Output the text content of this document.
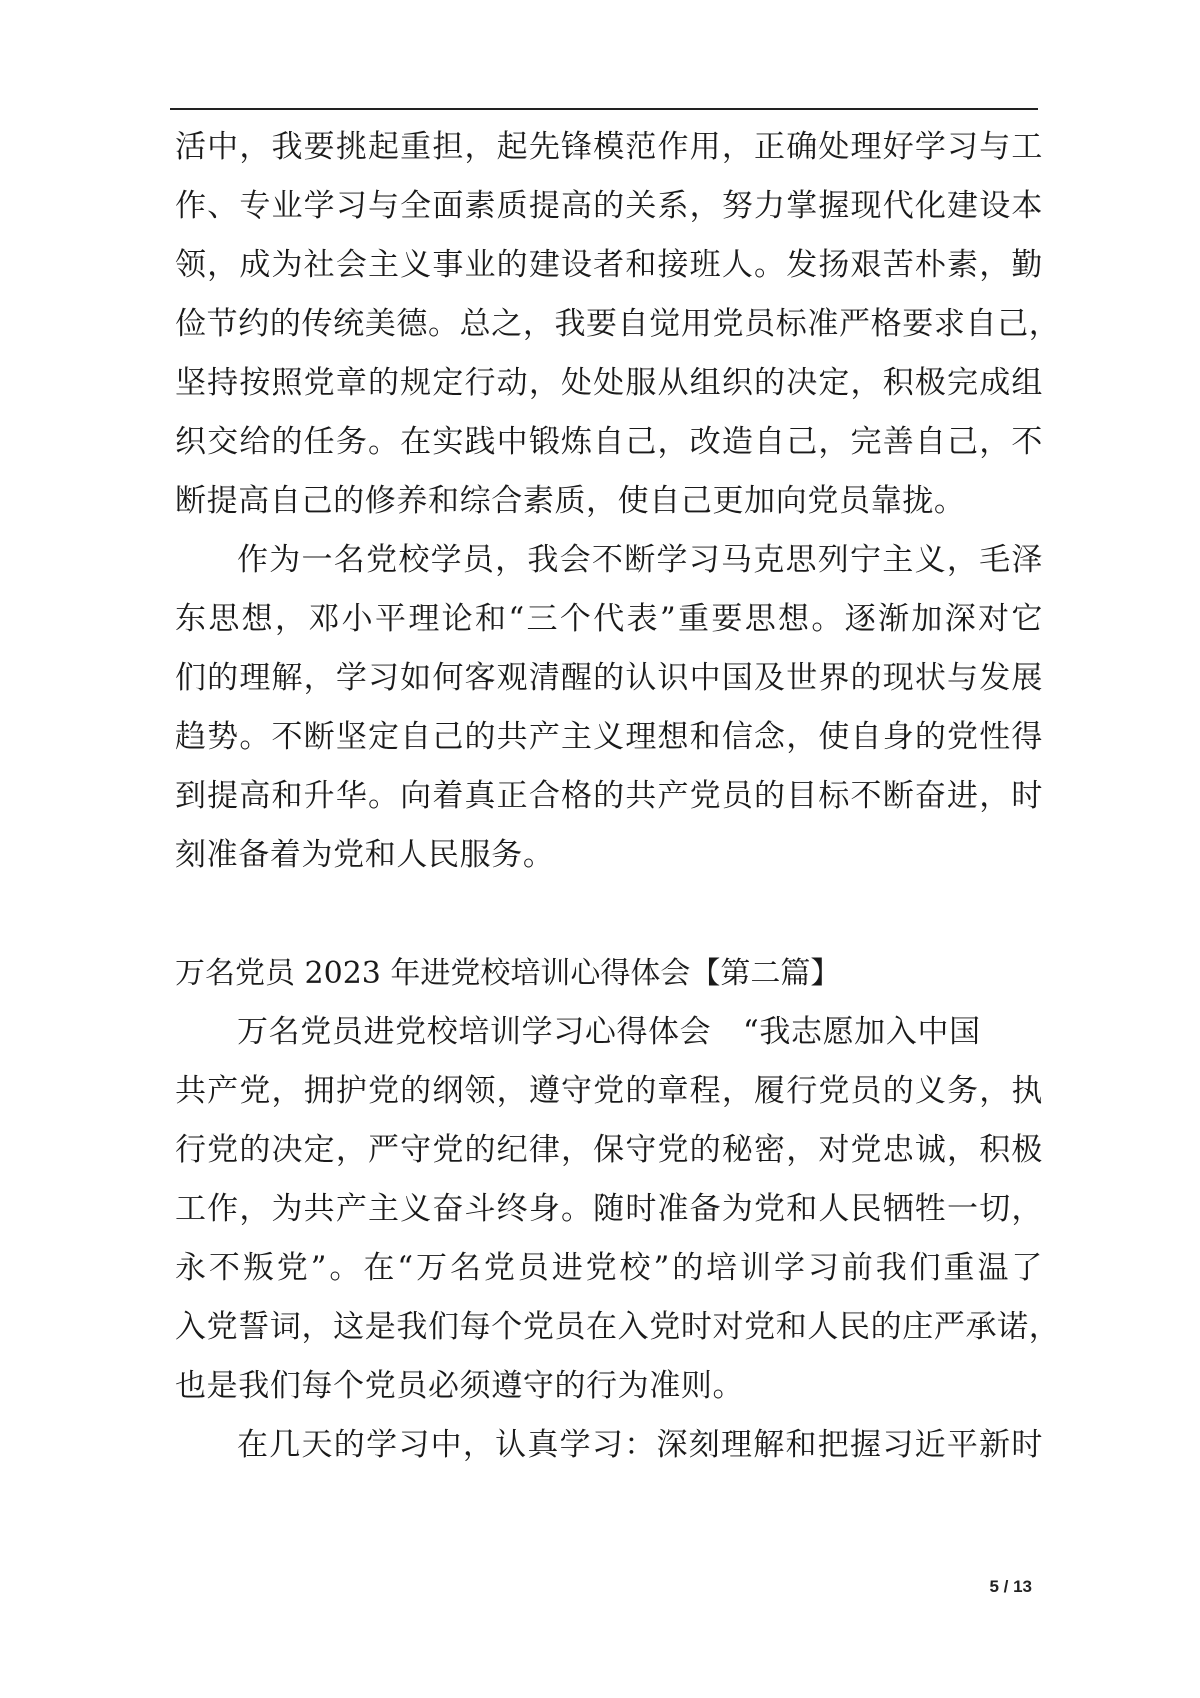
活中，我要挑起重担，起先锋模范作用，正确处理好学习与工
作、专业学习与全面素质提高的关系，努力掌握现代化建设本
领，成为社会主义事业的建设者和接班人。发扬艰苦朴素，勤
俭节约的传统美德。总之，我要自觉用党员标准严格要求自己，
坚持按照党章的规定行动，处处服从组织的决定，积极完成组
织交给的任务。在实践中锻炼自己，改造自己，完善自己，不
断提高自己的修养和综合素质，使自己更加向党员靠拢。
作为一名党校学员，我会不断学习马克思列宁主义，毛泽
东思想，邓小平理论和“三个代表”重要思想。逐渐加深对它
们的理解，学习如何客观清醒的认识中国及世界的现状与发展
趋势。不断坚定自己的共产主义理想和信念，使自身的党性得
到提高和升华。向着真正合格的共产党员的目标不断奋进，时
刻准备着为党和人民服务。
万名党员 2023 年进党校培训心得体会【第二篇】
万名党员进党校培训学习心得体会　“我志愿加入中国
共产党，拥护党的纲领，遵守党的章程，履行党员的义务，执
行党的决定，严守党的纪律，保守党的秘密，对党忠诚，积极
工作，为共产主义奋斗终身。随时准备为党和人民牺牲一切，
永不叛党”。在“万名党员进党校”的培训学习前我们重温了
入党誓词，这是我们每个党员在入党时对党和人民的庄严承诺，
也是我们每个党员必须遵守的行为准则。
在几天的学习中，认真学习：深刻理解和把握习近平新时
5 / 13
